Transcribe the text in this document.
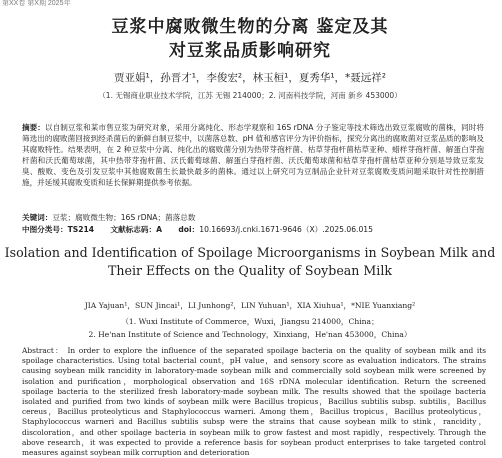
第XX卷 第X期 2025年
豆浆中腐败微生物的分离 鉴定及其
对豆浆品质影响研究
贾亚娟¹，孙晋才¹，李俊宏²，林玉桓¹，夏秀华¹，*聂远祥²
（1. 无锡商业职业技术学院，江苏 无锡 214000；2. 河南科技学院，河南 新乡 453000）
摘要：以自制豆浆和某市售豆浆为研究对象，采用分离纯化、形态学观察和 16S rDNA 分子鉴定等技术筛选出致豆浆腐败的菌株，同时将筛选出的腐败菌回接到经杀菌后的新鲜自制豆浆中，以菌落总数、pH 值和感官评分为评价指标，探究分离出的腐败菌对豆浆品质的影响及其腐败特性。结果表明，在 2 种豆浆中分离、纯化出的腐败菌分别为热带芽孢杆菌、枯草芽孢杆菌枯草亚种、蜡样芽孢杆菌、解蛋白芽孢杆菌和沃氏葡萄球菌，其中热带芽孢杆菌、沃氏葡萄球菌、解蛋白芽孢杆菌、沃氏葡萄球菌和枯草芽孢杆菌枯草亚种分别是导致豆浆发臭、酸败、变色及引发豆浆中其他腐败菌生长最快最多的菌株。通过以上研究可为豆制品企业针对豆浆腐败变质问题采取针对性控制措施，并延缓其腐败变质和延长保鲜期提供参考依据。
关键词：豆浆；腐败微生物；16S rDNA；菌落总数
中图分类号：TS214 文献标志码：A doi：10.16693/j.cnki.1671-9646（X）.2025.06.015
Isolation and Identification of Spoilage Microorganisms in Soybean Milk and
Their Effects on the Quality of Soybean Milk
JIA Yajuan¹，SUN Jincai¹，LI Junhong²，LIN Yuhuan¹，XIA Xiuhua¹，*NIE Yuanxiang²
（1. Wuxi Institute of Commerce，Wuxi，Jiangsu 214000，China；
2. He'nan Institute of Science and Technology，Xinxiang，He'nan 453000，China）
Abstract： In order to explore the influence of the separated spoilage bacteria on the quality of soybean milk and its spoilage characteristics. Using total bacterial count，pH value，and sensory score as evaluation indicators. The strains causing soybean milk rancidity in laboratory-made soybean milk and commercially sold soybean milk were screened by isolation and purification，morphological observation and 16S rDNA molecular identification. Return the screened spoilage bacteria to the sterilized fresh laboratory-made soybean milk. The results showed that the spoilage bacteria isolated and purified from two kinds of soybean milk were Bacillus tropicus，Bacillus subtilis subsp. subtilis，Bacillus cereus，Bacillus proteolyticus and Staphylococcus warneri. Among them，Bacillus tropicus，Bacillus proteolyticus，Staphylococcus warneri and Bacillus subtilis subsp were the strains that cause soybean milk to stink，rancidity，discoloration，and other spoilage bacteria in soybean milk to grow fastest and most rapidly，respectively. Through the above research，it was expected to provide a reference basis for soybean product enterprises to take targeted control measures against soybean milk corruption and deterioration
